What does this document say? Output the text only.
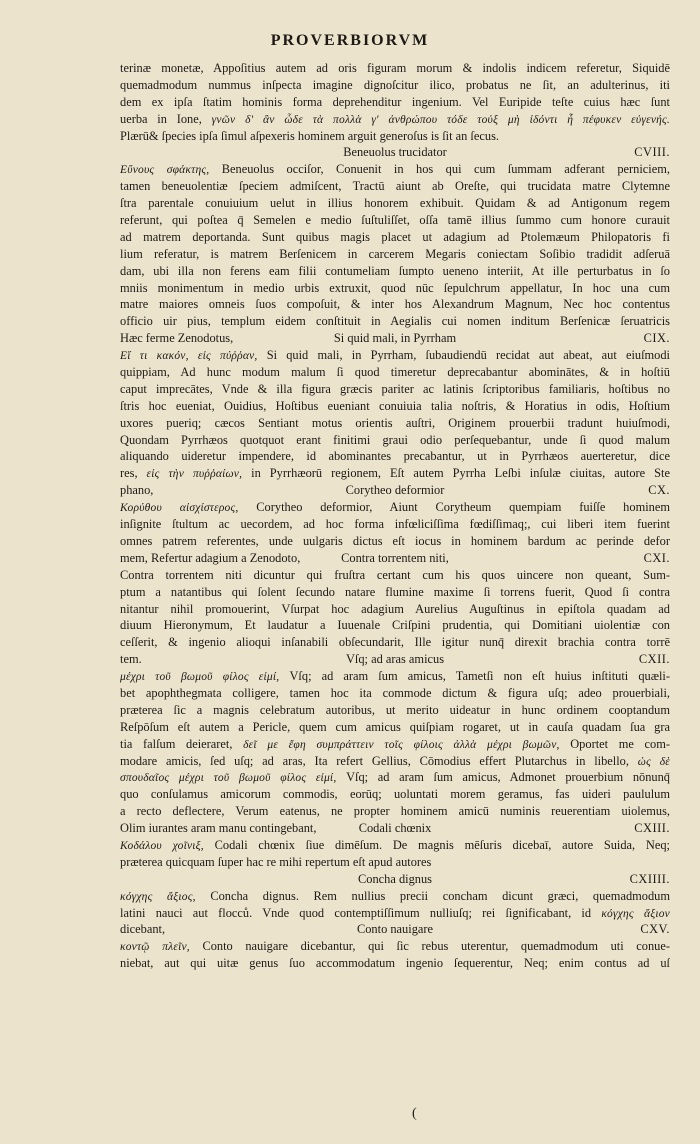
PROVERBIORVM
terinæ monetæ, Appoſitius autem ad oris figuram morum & indolis indicem referetur, Siquidē
quemadmodum nummus inſpecta imagine dignoſcitur ilico, probatus ne ſit, an adulterinus, iti
dem ex ipſa ſtatim hominis forma deprehenditur ingenium. Vel Euripide teſte cuius hæc ſunt
uerba in Ione, γνῶν δ' ἂν ὧδε τὰ πολλὰ γ' ἀνθρώπου τόδε τοὐξ μὴ ἰδόντι ἦ πέφυκεν εὐγενής.
Plærū& ſpecies ipſa ſimul aſpexeris hominem arguit generoſus is ſit an ſecus.
Beneuolus trucidator	CVIII.
Εὔνους σφάκτης, Beneuolus occiſor, Conuenit in hos qui cum ſummam adferant perniciem,
tamen beneuolentiæ ſpeciem admiſcent, Tractū aiunt ab Oreſte, qui trucidata matre Clytemne
ſtra parentale conuiuium uelut in illius honorem exhibuit. Quidam & ad Antigonum regem
referunt, qui poſtea q̄ Semelen e medio ſuſtuliſſet, oſſa tamē illius ſummo cum honore curauit
ad matrem deportanda. Sunt quibus magis placet ut adagium ad Ptolemæum Philopatoris fi
lium referatur, is matrem Berſenicem in carcerem Megaris coniectam Soſibio tradidit adſeruā
dam, ubi illa non ferens eam filii contumeliam ſumpto ueneno interiit, At ille perturbatus in ſo
mniis monimentum in medio urbis extruxit, quod nūc ſepulchrum appellatur, In hoc una cum
matre maiores omneis ſuos compoſuit, & inter hos Alexandrum Magnum, Nec hoc contentus
officio uir pius, templum eidem conſtituit in Aegialis cui nomen inditum Berſenicæ ſeruatricis
Hæc ferme Zenodotus,	Si quid mali, in Pyrrham	CIX.
Εἴ τι κακόν, εἰς πύῤῥαν, Si quid mali, in Pyrrham, ſubaudiendū recidat aut abeat, aut eiuſmodi
quippiam, Ad hunc modum malum ſi quod timeretur deprecabantur abominātes, & in hoſtiū
caput imprecātes, Vnde & illa figura græcis pariter ac latinis ſcriptoribus familiaris, hoſtibus no
ſtris hoc eueniat, Ouidius, Hoſtibus eueniant conuiuia talia noſtris, & Horatius in odis, Hoſtium
uxores pueriq; cæcos Sentiant motus orientis auſtri, Originem prouerbii tradunt huiuſmodi,
Quondam Pyrrhæos quotquot erant finitimi graui odio perſequebantur, unde ſi quod malum
aliquando uideretur impendere, id abominantes precabantur, ut in Pyrrhæos auerteretur, dice
res, εἰς τὴν πυῤῥαίων, in Pyrrhæorū regionem, Eſt autem Pyrrha Leſbi inſulæ ciuitas, autore Ste
phano,	Corytheo deformior	CX.
Κορύθου αἰσχίστερος, Corytheo deformior, Aiunt Corytheum quempiam fuiſſe hominem
inſignite ſtultum ac uecordem, ad hoc forma infœliciſſima fœdiſſimaq;, cui liberi item fuerint
omnes patrem referentes, unde uulgaris dictus eſt iocus in hominem bardum ac perinde defor
mem, Refertur adagium a Zenodoto,	Contra torrentem niti,	CXI.
Contra torrentem niti dicuntur qui fruſtra certant cum his quos uincere non queant, Sum-
ptum a natantibus qui ſolent ſecundo natare flumine maxime ſi torrens fuerit, Quod ſi contra
nitantur nihil promouerint, Vſurpat hoc adagium Aurelius Auguſtinus in epiſtola quadam ad
diuum Hieronymum, Et laudatur a Iuuenale Criſpini prudentia, qui Domitiani uiolentiæ con
ceſſerit, & ingenio alioqui inſanabili obſecundarit, Ille igitur nunq̄ direxit brachia contra torrē
tem.	Vſq; ad aras amicus	CXII.
μέχρι τοῦ βωμοῦ φίλος εἰμί, Vſq; ad aram ſum amicus, Tametſi non eſt huius inſtituti quæli-
bet apophthegmata colligere, tamen hoc ita commode dictum & figura uſq; adeo prouerbiali,
præterea ſic a magnis celebratum autoribus, ut merito uideatur in hunc ordinem cooptandum
Reſpōſum eſt autem a Pericle, quem cum amicus quiſpiam rogaret, ut in cauſa quadam ſua gra
tia falſum deieraret, δεῖ με ἔφη συμπράττειν τοῖς φίλοις ἀλλὰ μέχρι βωμῶν, Oportet me com-
modare amicis, ſed uſq; ad aras, Ita refert Gellius, Cōmodius effert Plutarchus in libello, ὡς δὲ
σπουδαῖος μέχρι τοῦ βωμοῦ φίλος εἰμί, Vſq; ad aram ſum amicus, Admonet prouerbium nōnunq̄
quo conſulamus amicorum commodis, eorūq; uoluntati morem geramus, fas uideri paululum
a recto deflectere, Verum eatenus, ne propter hominem amicū numinis reuerentiam uiolemus,
Olim iurantes aram manu contingebant,	Codali chœnix	CXIII.
Κοδάλου χοῖνιξ, Codali chœnix ſiue dimēſum. De magnis mēſuris dicebaī, autore Suida, Neq;
præterea quicquam ſuper hac re mihi repertum eſt apud autores
Concha dignus	CXIIII.
κόγχης ἄξιος, Concha dignus. Rem nullius precii concham dicunt græci, quemadmodum
latini nauci aut flocců. Vnde quod contemptiſſimum nulliuſq; rei ſignificabant, id κόγχης ἄξιον
dicebant,	Conto nauigare	CXV.
κοντῷ πλεῖν, Conto nauigare dicebantur, qui ſic rebus uterentur, quemadmodum uti conue-
niebat, aut qui uitæ genus ſuo accommodatum ingenio ſequerentur, Neq; enim contus ad uſ
(
